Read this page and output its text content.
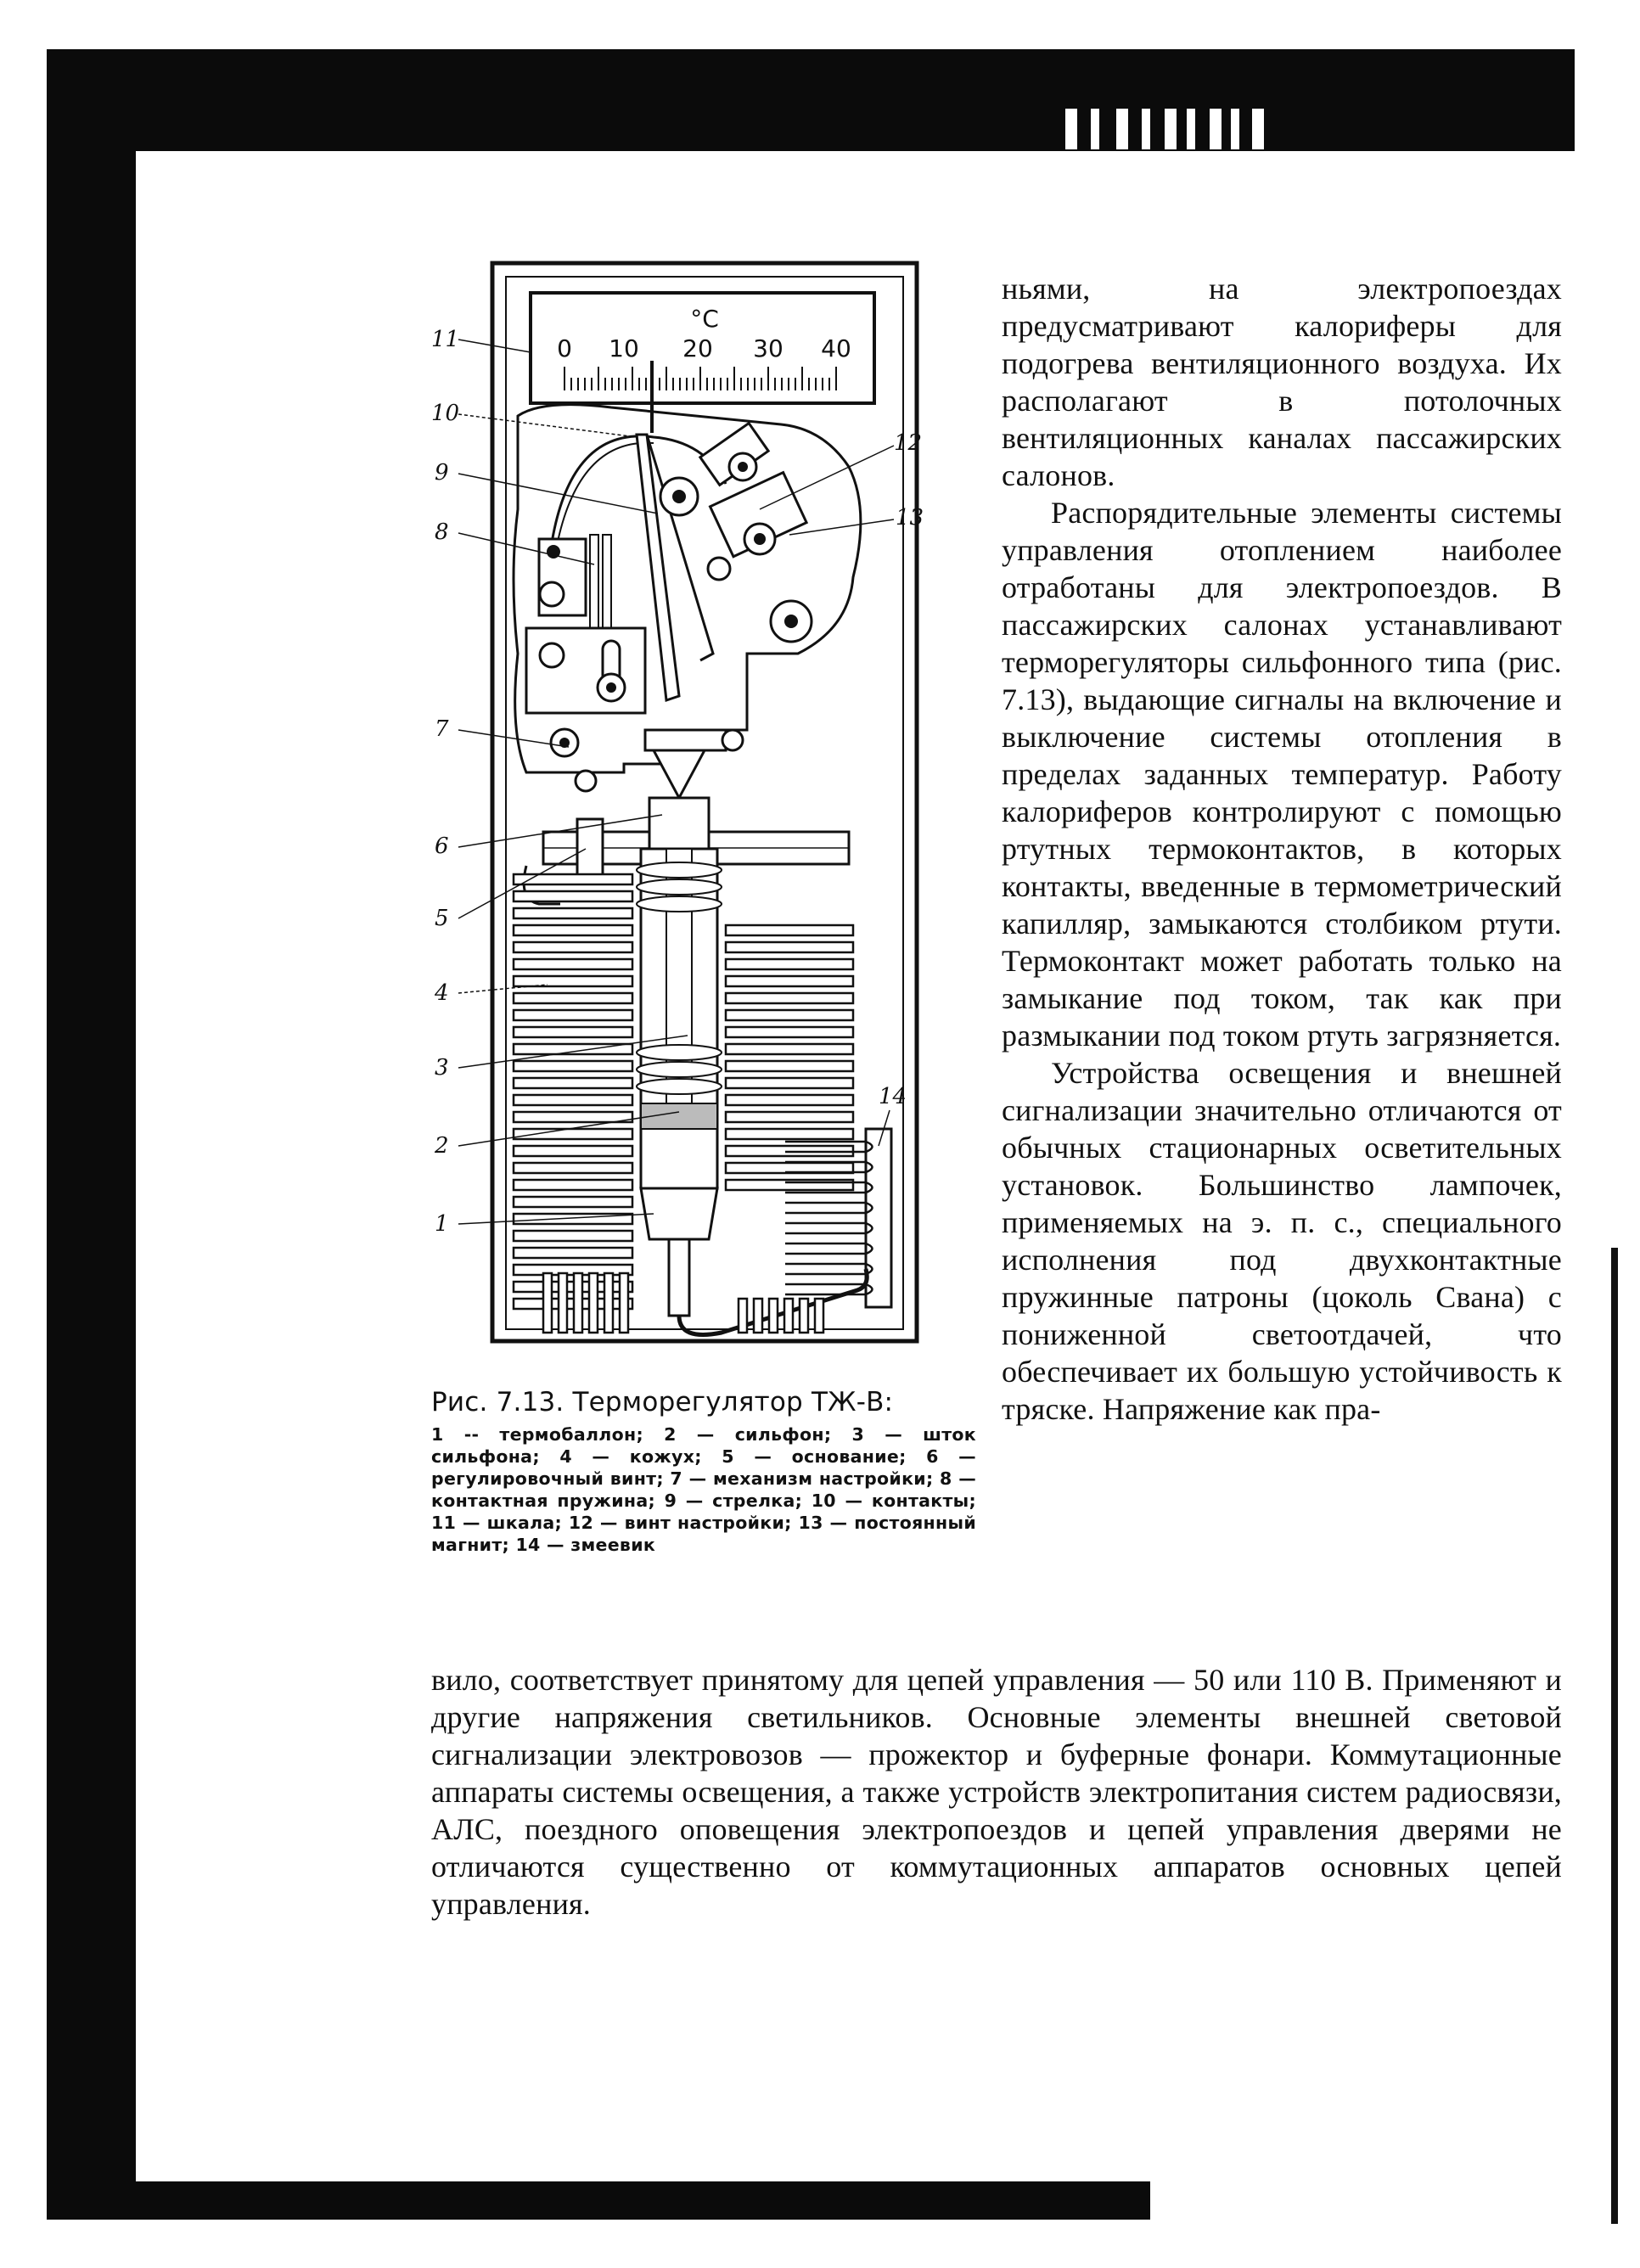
°C
0 10 20 30 40
11
10
9
8
7
6
5
4
3
2
1
12
13
14

Рис. 7.13. Терморегулятор ТЖ-В:

1 -- термобаллон; 2 — сильфон; 3 — шток сильфона; 4 — кожух; 5 — основание; 6 — регулировочный винт; 7 — механизм настройки; 8 — контактная пружина; 9 — стрелка; 10 — контакты; 11 — шкала; 12 — винт настройки; 13 — постоянный магнит; 14 — змеевик

ньями, на электропоездах предусматривают калориферы для подогрева вентиляционного воздуха. Их располагают в потолочных вентиляционных каналах пассажирских салонов.

Распорядительные элементы системы управления отоплением наиболее отработаны для электропоездов. В пассажирских салонах устанавливают терморегуляторы сильфонного типа (рис. 7.13), выдающие сигналы на включение и выключение системы отопления в пределах заданных температур. Работу калориферов контролируют с помощью ртутных термоконтактов, в которых контакты, введенные в термометрический капилляр, замыкаются столбиком ртути. Термоконтакт может работать только на замыкание под током, так как при размыкании под током ртуть загрязняется.

Устройства освещения и внешней сигнализации значительно отличаются от обычных стационарных осветительных установок. Большинство лампочек, применяемых на э. п. с., специального исполнения под двухконтактные пружинные патроны (цоколь Свана) с пониженной светоотдачей, что обеспечивает их большую устойчивость к тряске. Напряжение как пра-

вило, соответствует принятому для цепей управления — 50 или 110 В. Применяют и другие напряжения светильников. Основные элементы внешней световой сигнализации электровозов — прожектор и буферные фонари. Коммутационные аппараты системы освещения, а также устройств электропитания систем радиосвязи, АЛС, поездного оповещения электропоездов и цепей управления дверями не отличаются существенно от коммутационных аппаратов основных цепей управления.
